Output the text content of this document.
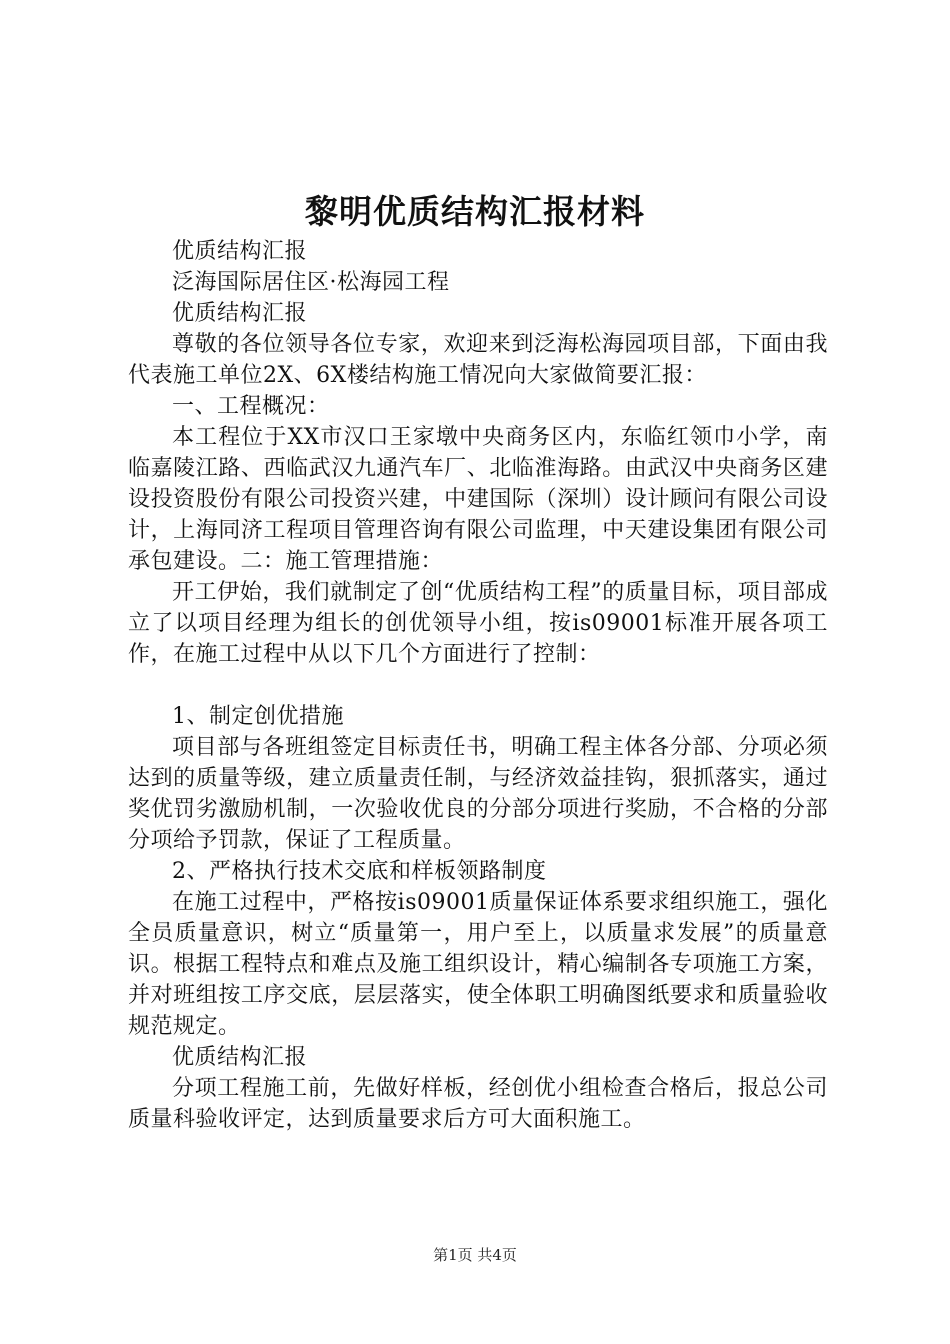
黎明优质结构汇报材料

优质结构汇报

泛海国际居住区·松海园工程

优质结构汇报

尊敬的各位领导各位专家，欢迎来到泛海松海园项目部，下面由我代表施工单位2X、6X楼结构施工情况向大家做简要汇报：

一、工程概况：

本工程位于XX市汉口王家墩中央商务区内，东临红领巾小学，南临嘉陵江路、西临武汉九通汽车厂、北临淮海路。由武汉中央商务区建设投资股份有限公司投资兴建，中建国际（深圳）设计顾问有限公司设计，上海同济工程项目管理咨询有限公司监理，中天建设集团有限公司承包建设。二：施工管理措施：

开工伊始，我们就制定了创“优质结构工程”的质量目标，项目部成立了以项目经理为组长的创优领导小组，按is09001标准开展各项工作，在施工过程中从以下几个方面进行了控制：

1、制定创优措施

项目部与各班组签定目标责任书，明确工程主体各分部、分项必须达到的质量等级，建立质量责任制，与经济效益挂钩，狠抓落实，通过奖优罚劣激励机制，一次验收优良的分部分项进行奖励，不合格的分部分项给予罚款，保证了工程质量。

2、严格执行技术交底和样板领路制度

在施工过程中，严格按is09001质量保证体系要求组织施工，强化全员质量意识，树立“质量第一，用户至上，以质量求发展”的质量意识。根据工程特点和难点及施工组织设计，精心编制各专项施工方案，并对班组按工序交底，层层落实，使全体职工明确图纸要求和质量验收规范规定。

优质结构汇报

分项工程施工前，先做好样板，经创优小组检查合格后，报总公司质量科验收评定，达到质量要求后方可大面积施工。

第1页 共4页
